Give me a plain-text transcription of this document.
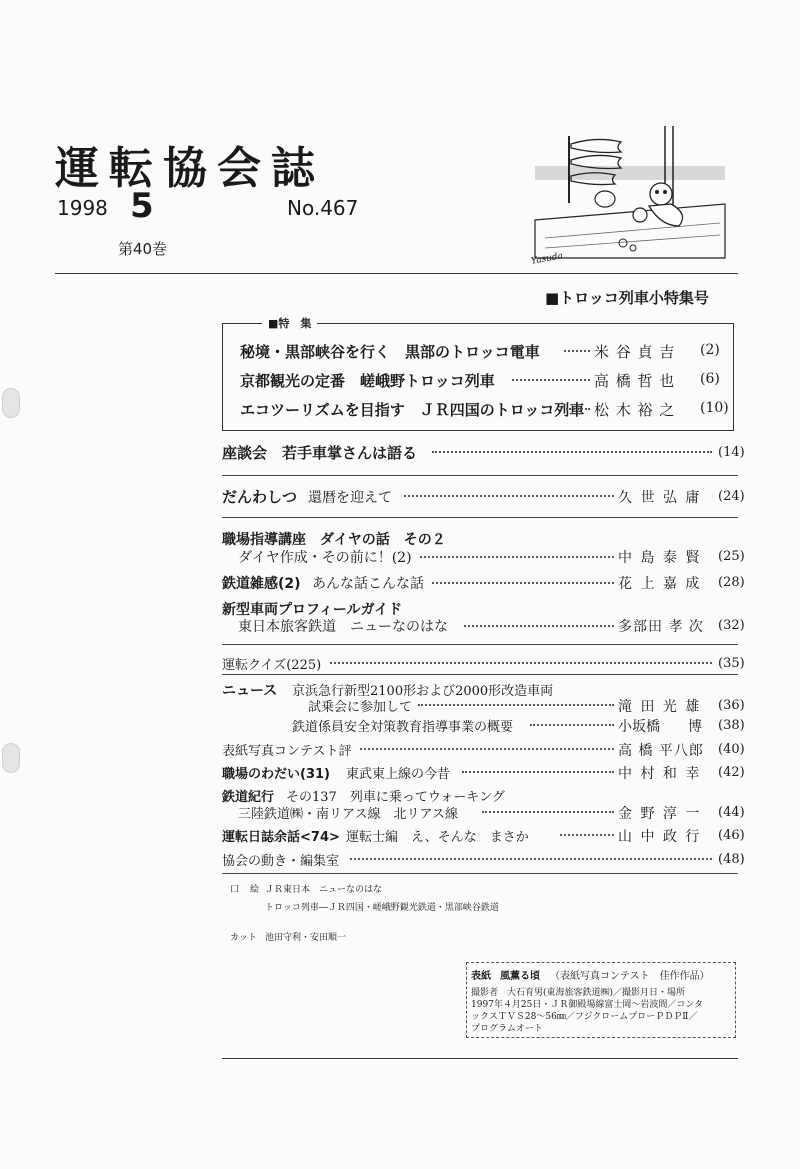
運転協会誌
1998 5	No.467
第40巻
Yasuda
■トロッコ列車小特集号
■特　集
秘境・黒部峡谷を行く　黒部のトロッコ電車	米 谷 貞 吉 (2)
京都観光の定番　嵯峨野トロッコ列車	高 橋 哲 也 (6)
エコツーリズムを目指す　ＪＲ四国のトロッコ列車 松 木 裕 之 (10)
座談会　若手車掌さんは語る	(14)
だんわしつ 還暦を迎えて	久 世 弘 庸 (24)
職場指導講座　ダイヤの話　その２
ダイヤ作成・その前に！(2)	中 島 泰 賢 (25)
鉄道雑感(2) あんな話こんな話	花 上 嘉 成 (28)
新型車両プロフィールガイド
東日本旅客鉄道　ニューなのはな	多部田 孝 次 (32)
運転クイズ(225)	(35)
ニュース 京浜急行新型2100形および2000形改造車両
試乗会に参加して	滝 田 光 雄 (36)
鉄道係員安全対策教育指導事業の概要	小坂橋　　博 (38)
表紙写真コンテスト評	高 橋 平八郎 (40)
職場のわだい(31) 東武東上線の今昔	中 村 和 幸 (42)
鉄道紀行 その137　列車に乗ってウォーキング
三陸鉄道㈱・南リアス線　北リアス線	金 野 淳 一 (44)
運転日誌余話<74> 運転士編　え、そんな　まさか	山 中 政 行 (46)
協会の動き・編集室	(48)
口　絵 ＪＲ東日本　ニューなのはな
トロッコ列車―ＪＲ四国・嵯峨野観光鉄道・黒部峡谷鉄道
カット 池田守利・安田順一
表紙 風薫る頃 （表紙写真コンテスト　佳作作品）
撮影者　大石育男(東海旅客鉄道㈱)／撮影月日・場所
1997年４月25日・ＪＲ御殿場線富士岡～岩波間／コンタ
ックスＴＶＳ28～56㎜／フジクロームプローＰＤＰⅡ／
プログラムオート
